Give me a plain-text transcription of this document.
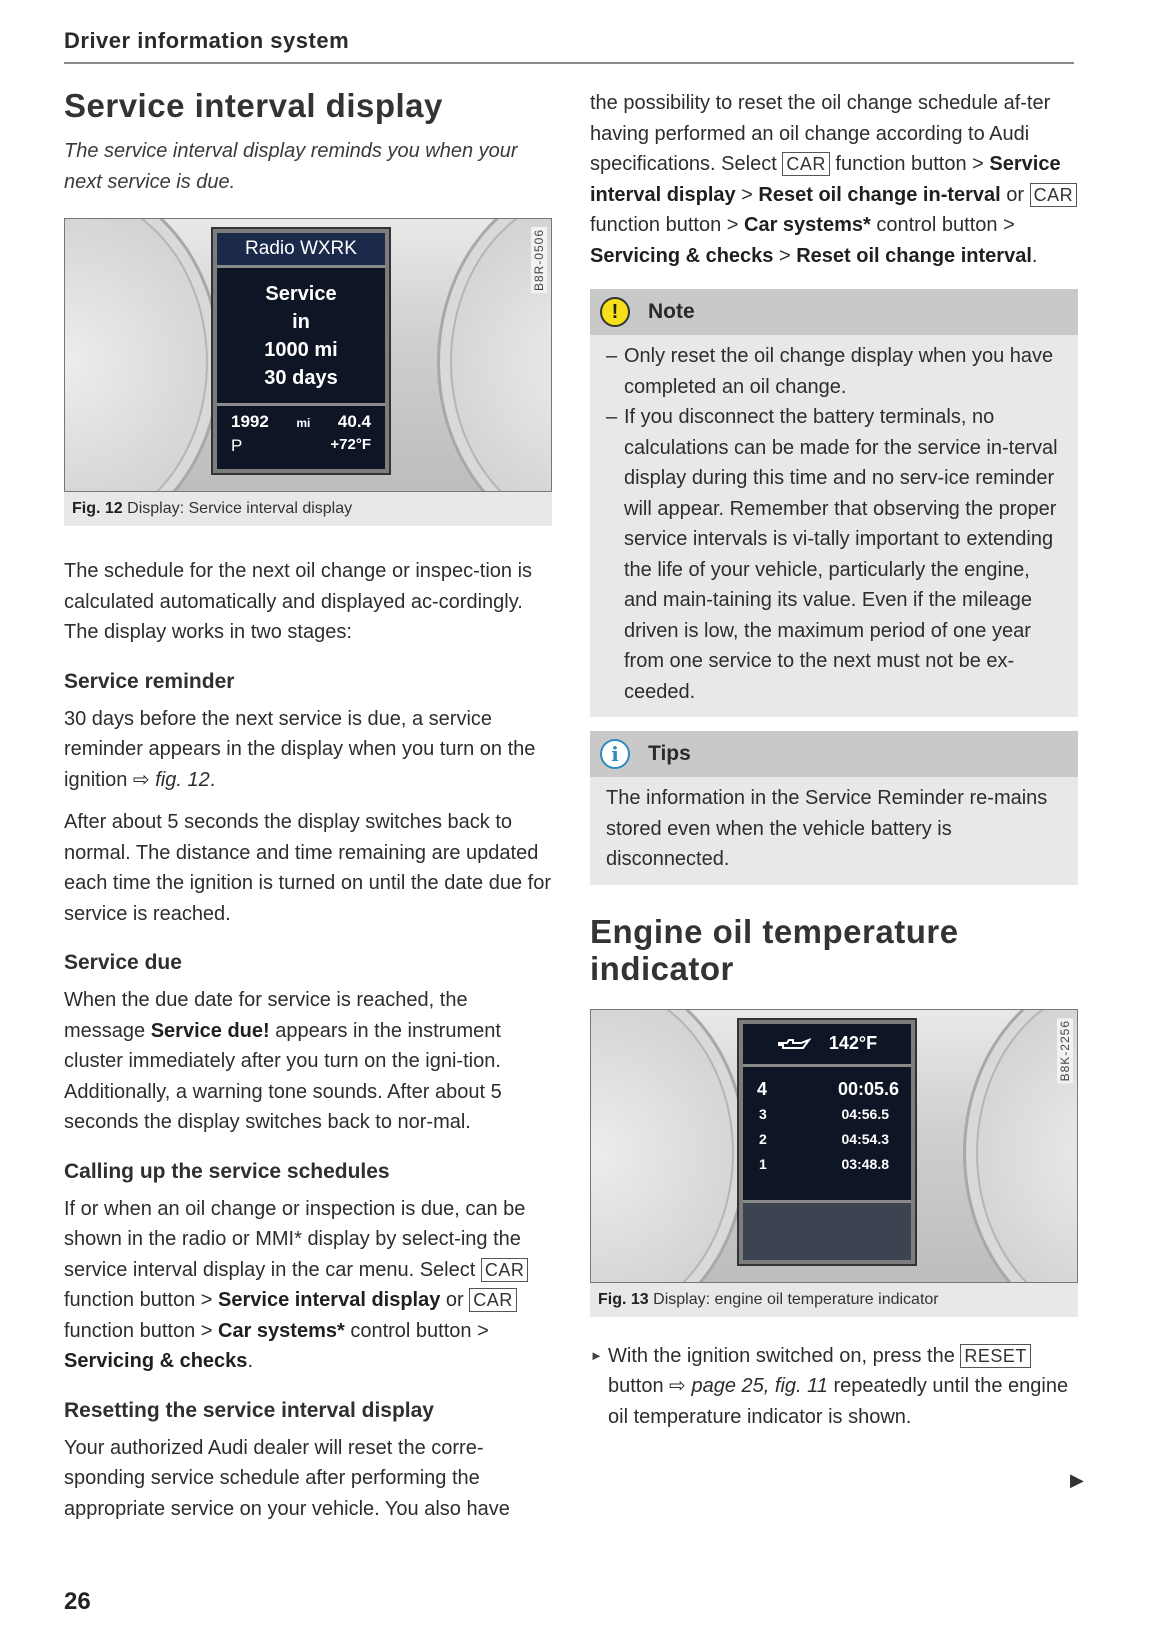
Driver information system
Service interval display

The service interval display reminds you when your next service is due.

B8R-0506
Radio WXRK
Service
in
1000 mi
30 days
1992 mi 40.4
P	+72°F
Fig. 12 Display: Service interval display

The schedule for the next oil change or inspec-tion is calculated automatically and displayed ac-cordingly. The display works in two stages:

Service reminder

30 days before the next service is due, a service reminder appears in the display when you turn on the ignition ⇨ fig. 12.

After about 5 seconds the display switches back to normal. The distance and time remaining are updated each time the ignition is turned on until the date due for service is reached.

Service due

When the due date for service is reached, the message Service due! appears in the instrument cluster immediately after you turn on the igni-tion. Additionally, a warning tone sounds. After about 5 seconds the display switches back to nor-mal.

Calling up the service schedules

If or when an oil change or inspection is due, can be shown in the radio or MMI* display by select-ing the service interval display in the car menu. Select CAR function button > Service interval display or CAR function button > Car systems* control button > Servicing & checks.

Resetting the service interval display

Your authorized Audi dealer will reset the corre-sponding service schedule after performing the appropriate service on your vehicle. You also have

the possibility to reset the oil change schedule af-ter having performed an oil change according to Audi specifications. Select CAR function button > Service interval display > Reset oil change in-terval or CAR function button > Car systems* control button > Servicing & checks > Reset oil change interval.

!	Note
– Only reset the oil change display when you have completed an oil change.
– If you disconnect the battery terminals, no calculations can be made for the service in-terval display during this time and no serv-ice reminder will appear. Remember that observing the proper service intervals is vi-tally important to extending the life of your vehicle, particularly the engine, and main-taining its value. Even if the mileage driven is low, the maximum period of one year from one service to the next must not be ex-ceeded.
i	Tips

The information in the Service Reminder re-mains stored even when the vehicle battery is disconnected.

Engine oil temperature indicator
B8K-2256
142°F
4	00:05.6
3	04:56.5
2	04:54.3
1	03:48.8
Fig. 13 Display: engine oil temperature indicator

► With the ignition switched on, press the RESET button ⇨ page 25, fig. 11 repeatedly until the engine oil temperature indicator is shown.

▶
26
